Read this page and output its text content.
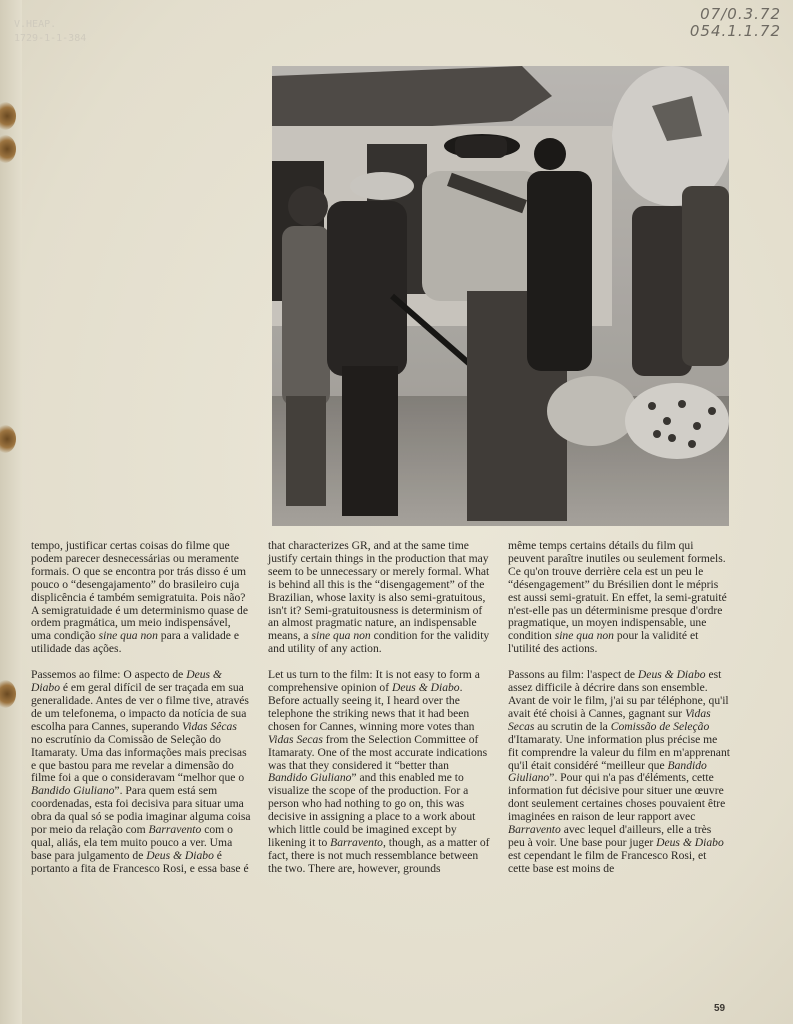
V.HEAP.
1729-1-1-384
07/0.3.72
054.1.1.72

tempo, justificar certas coisas do filme que podem parecer desnecessárias ou meramente formais. O que se encontra por trás disso é um pouco o “desengajamento” do brasileiro cuja displicência é também semigratuita. Pois não? A semigratuidade é um determinismo quase de ordem pragmática, um meio indispensável, uma condição sine qua non para a validade e utilidade das ações.

Passemos ao filme: O aspecto de Deus & Diabo é em geral difícil de ser traçada em sua generalidade. Antes de ver o filme tive, através de um telefonema, o impacto da notícia de sua escolha para Cannes, superando Vidas Sêcas no escrutínio da Comissão de Seleção do Itamaraty. Uma das informações mais precisas e que bastou para me revelar a dimensão do filme foi a que o consideravam “melhor que o Bandido Giuliano”. Para quem está sem coordenadas, esta foi decisiva para situar uma obra da qual só se podia imaginar alguma coisa por meio da relação com Barravento com o qual, aliás, ela tem muito pouco a ver. Uma base para julgamento de Deus & Diabo é portanto a fita de Francesco Rosi, e essa base é

that characterizes GR, and at the same time justify certain things in the production that may seem to be unnecessary or merely formal. What is behind all this is the “disengagement” of the Brazilian, whose laxity is also semi-gratuitous, isn't it? Semi-gratuitousness is determinism of an almost pragmatic nature, an indispensable means, a sine qua non condition for the validity and utility of any action.

Let us turn to the film: It is not easy to form a comprehensive opinion of Deus & Diabo. Before actually seeing it, I heard over the telephone the striking news that it had been chosen for Cannes, winning more votes than Vidas Secas from the Selection Committee of Itamaraty. One of the most accurate indications was that they considered it “better than Bandido Giuliano” and this enabled me to visualize the scope of the production. For a person who had nothing to go on, this was decisive in assigning a place to a work about which little could be imagined except by likening it to Barravento, though, as a matter of fact, there is not much ressemblance between the two. There are, however, grounds

même temps certains détails du film qui peuvent paraître inutiles ou seulement formels. Ce qu'on trouve derrière cela est un peu le “désengagement” du Brésilien dont le mépris est aussi semi-gratuit. En effet, la semi-gratuité n'est-elle pas un déterminisme presque d'ordre pragmatique, un moyen indispensable, une condition sine qua non pour la validité et l'utilité des actions.

Passons au film: l'aspect de Deus & Diabo est assez difficile à décrire dans son ensemble. Avant de voir le film, j'ai su par téléphone, qu'il avait été choisi à Cannes, gagnant sur Vidas Secas au scrutin de la Comissão de Seleção d'Itamaraty. Une information plus précise me fit comprendre la valeur du film en m'apprenant qu'il était considéré “meilleur que Bandido Giuliano”. Pour qui n'a pas d'éléments, cette information fut décisive pour situer une œuvre dont seulement certaines choses pouvaient être imaginées en raison de leur rapport avec Barravento avec lequel d'ailleurs, elle a très peu à voir. Une base pour juger Deus & Diabo est cependant le film de Francesco Rosi, et cette base est moins de

59
